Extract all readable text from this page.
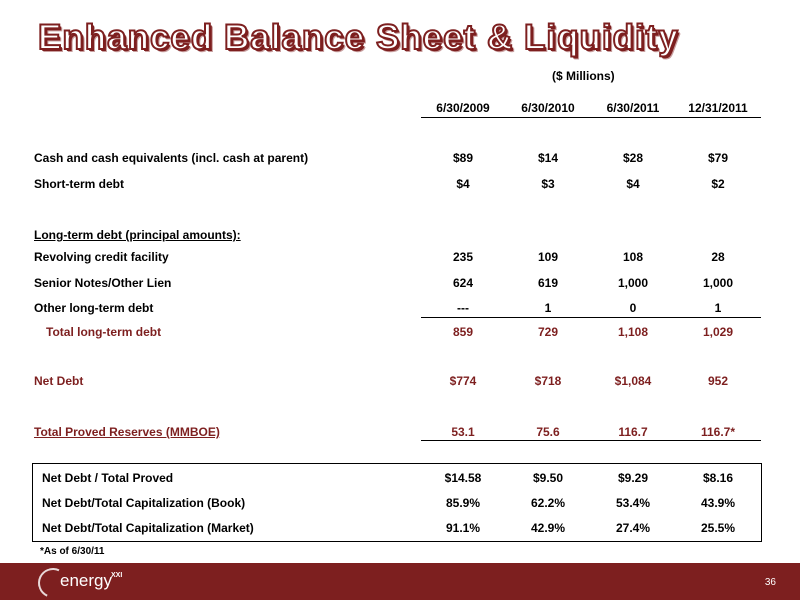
Enhanced Balance Sheet & Liquidity
($ Millions)
6/30/2009	6/30/2010	6/30/2011	12/31/2011
Cash and cash equivalents (incl. cash at parent)	$89	$14	$28	$79
Short-term debt	$4	$3	$4	$2
Long-term debt (principal amounts):
Revolving credit facility	235	109	108	28
Senior Notes/Other Lien	624	619	1,000	1,000
Other long-term debt	---	1	0	1
Total long-term debt	859	729	1,108	1,029
Net Debt	$774	$718	$1,084	952
Total Proved Reserves (MMBOE)	53.1	75.6	116.7	116.7*
Net Debt / Total Proved	$14.58	$9.50	$9.29	$8.16
Net Debt/Total Capitalization (Book)	85.9%	62.2%	53.4%	43.9%
Net Debt/Total Capitalization (Market)	91.1%	42.9%	27.4%	25.5%
*As of 6/30/11
energy XXI
36
